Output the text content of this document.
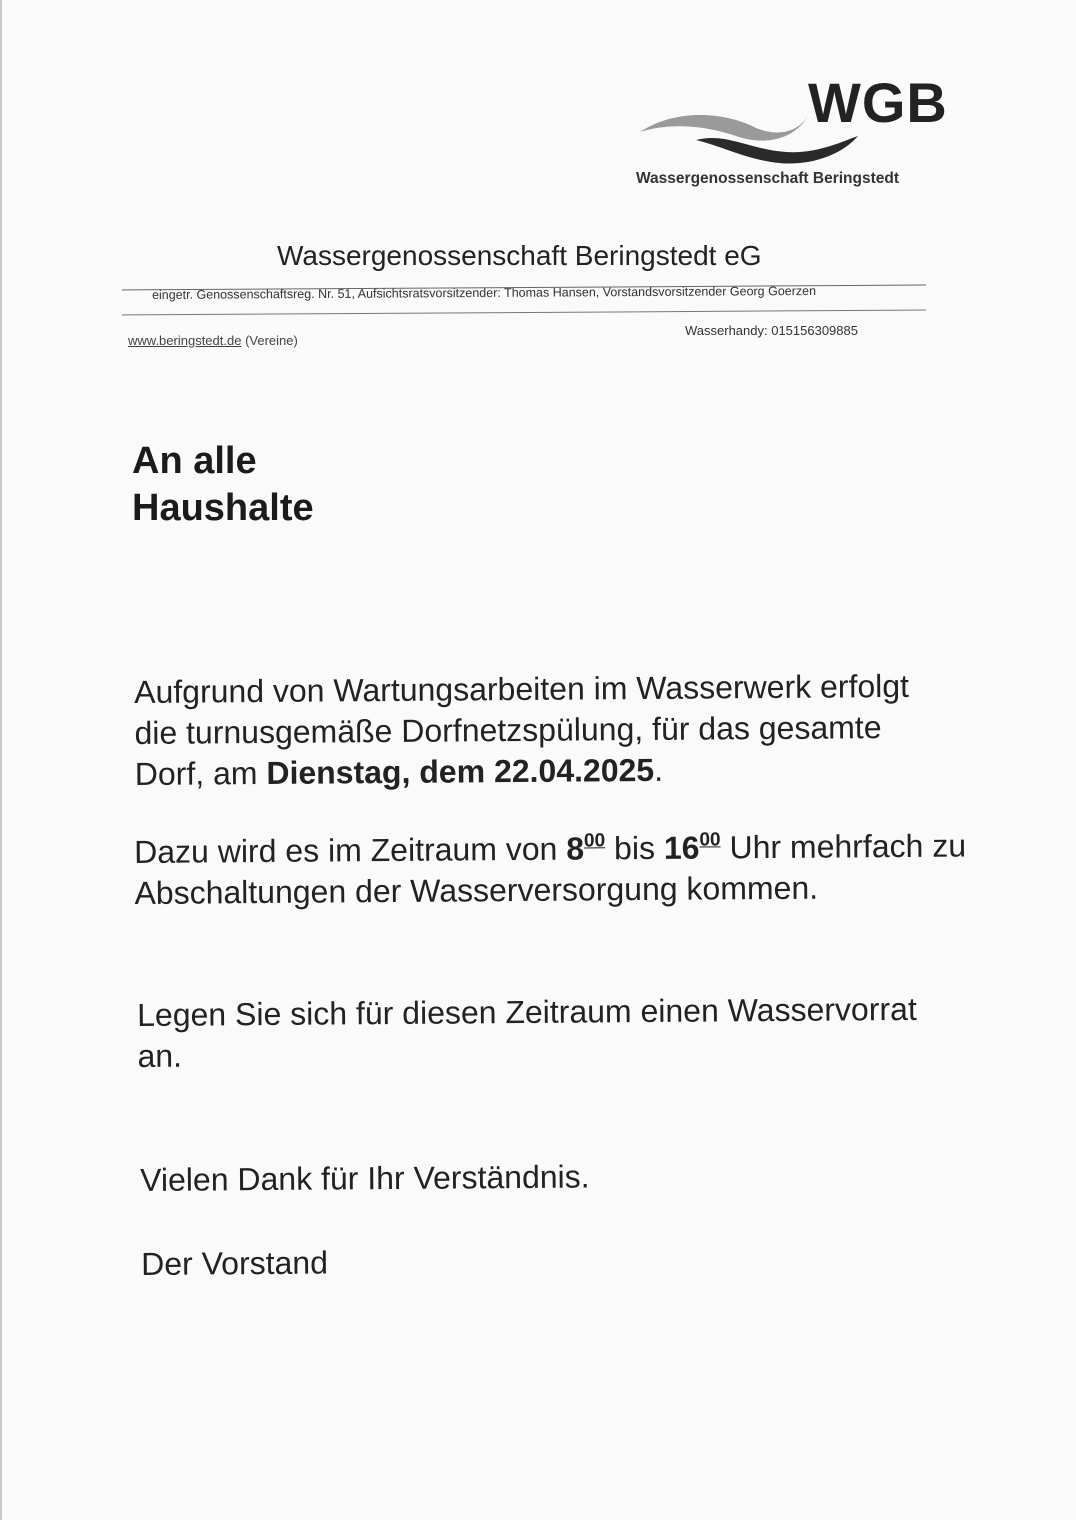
WGB
Wassergenossenschaft Beringstedt
Wassergenossenschaft Beringstedt eG
eingetr. Genossenschaftsreg. Nr. 51, Aufsichtsratsvorsitzender: Thomas Hansen, Vorstandsvorsitzender Georg Goerzen
www.beringstedt.de (Vereine)
Wasserhandy: 015156309885
An alle
Haushalte
Aufgrund von Wartungsarbeiten im Wasserwerk erfolgt die turnusgemäße Dorfnetzspülung, für das gesamte Dorf, am Dienstag, dem 22.04.2025.
Dazu wird es im Zeitraum von $8^{00}$ bis $16^{00}$ Uhr mehrfach zu Abschaltungen der Wasserversorgung kommen.
Legen Sie sich für diesen Zeitraum einen Wasservorrat an.
Vielen Dank für Ihr Verständnis.
Der Vorstand
